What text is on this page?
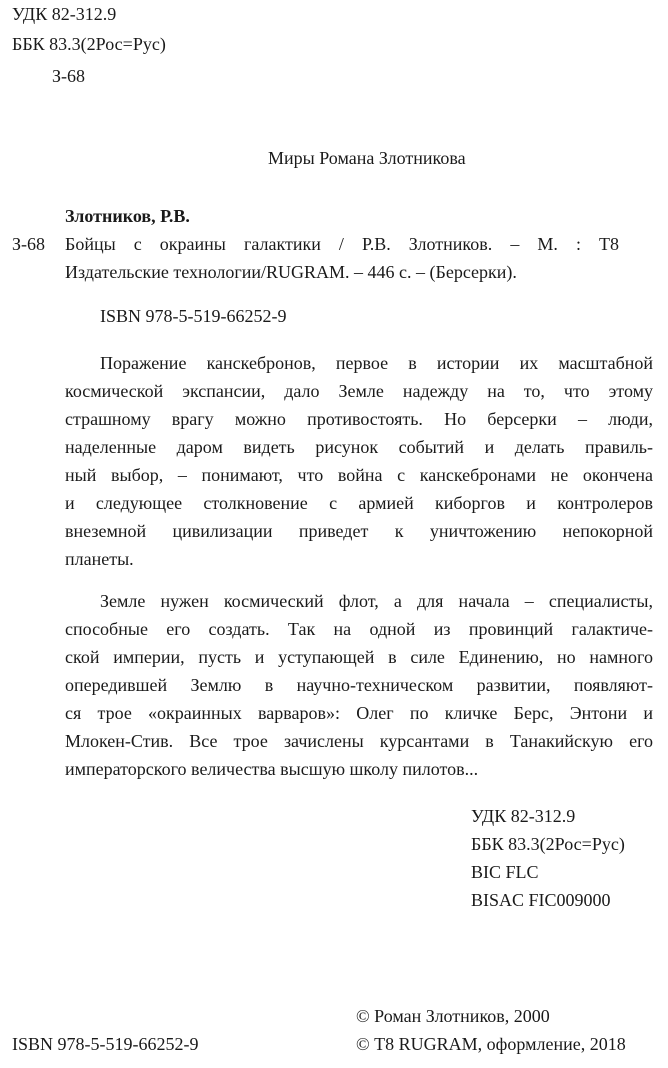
УДК 82-312.9
ББК 83.3(2Рос=Рус)
З-68
Миры Романа Злотникова
Злотников, Р.В.
З-68 Бойцы с окраины галактики / Р.В. Злотников. – М. : Т8
Издательские технологии/RUGRAM. – 446 с. – (Берсерки).
ISBN 978-5-519-66252-9
Поражение канскебронов, первое в истории их масштабной
космической экспансии, дало Земле надежду на то, что этому
страшному врагу можно противостоять. Но берсерки – люди,
наделенные даром видеть рисунок событий и делать правиль-
ный выбор, – понимают, что война с канскебронами не окончена
и следующее столкновение с армией киборгов и контролеров
внеземной цивилизации приведет к уничтожению непокорной
планеты.
Земле нужен космический флот, а для начала – специалисты,
способные его создать. Так на одной из провинций галактиче-
ской империи, пусть и уступающей в силе Единению, но намного
опередившей Землю в научно-техническом развитии, появляют-
ся трое «окраинных варваров»: Олег по кличке Берс, Энтони и
Млокен-Стив. Все трое зачислены курсантами в Танакийскую его
императорского величества высшую школу пилотов...
УДК 82-312.9
ББК 83.3(2Рос=Рус)
BIC FLC
BISAC FIC009000
© Роман Злотников, 2000
ISBN 978-5-519-66252-9	© Т8 RUGRAM, оформление, 2018
